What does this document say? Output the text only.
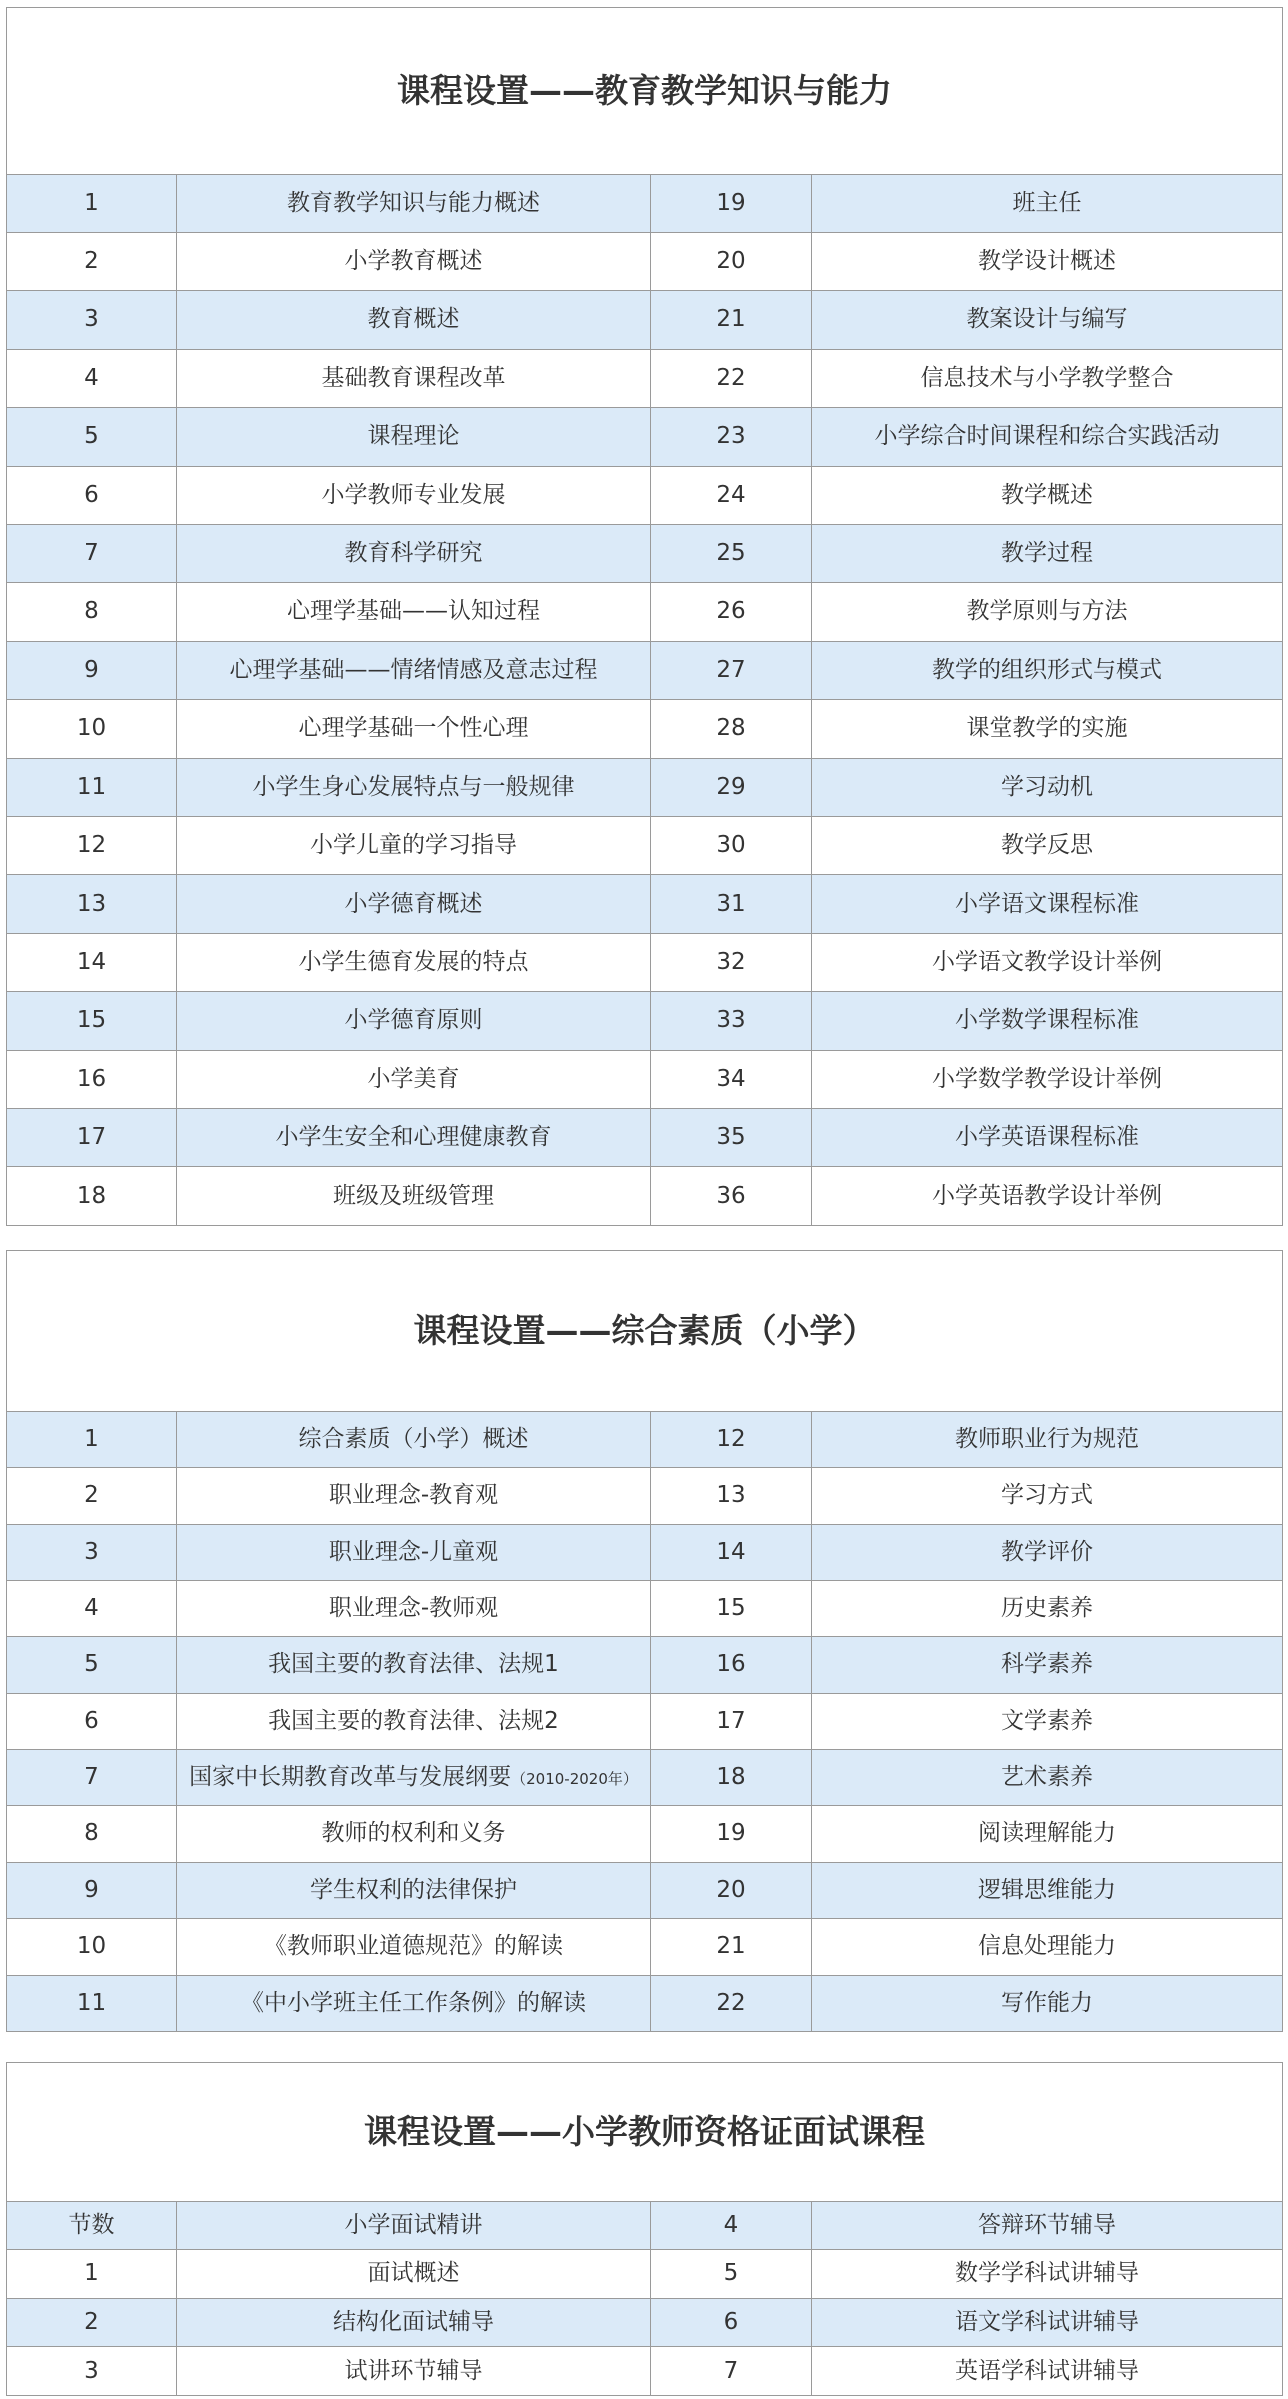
课程设置——教育教学知识与能力			
1	教育教学知识与能力概述	19	班主任
2	小学教育概述	20	教学设计概述
3	教育概述	21	教案设计与编写
4	基础教育课程改革	22	信息技术与小学教学整合
5	课程理论	23	小学综合时间课程和综合实践活动
6	小学教师专业发展	24	教学概述
7	教育科学研究	25	教学过程
8	心理学基础——认知过程	26	教学原则与方法
9	心理学基础——情绪情感及意志过程	27	教学的组织形式与模式
10	心理学基础一个性心理	28	课堂教学的实施
11	小学生身心发展特点与一般规律	29	学习动机
12	小学儿童的学习指导	30	教学反思
13	小学德育概述	31	小学语文课程标准
14	小学生德育发展的特点	32	小学语文教学设计举例
15	小学德育原则	33	小学数学课程标准
16	小学美育	34	小学数学教学设计举例
17	小学生安全和心理健康教育	35	小学英语课程标准
18	班级及班级管理	36	小学英语教学设计举例
课程设置——综合素质（小学）			
1	综合素质（小学）概述	12	教师职业行为规范
2	职业理念-教育观	13	学习方式
3	职业理念-儿童观	14	教学评价
4	职业理念-教师观	15	历史素养
5	我国主要的教育法律、法规1	16	科学素养
6	我国主要的教育法律、法规2	17	文学素养
7	国家中长期教育改革与发展纲要（2010-2020年）	18	艺术素养
8	教师的权利和义务	19	阅读理解能力
9	学生权利的法律保护	20	逻辑思维能力
10	《教师职业道德规范》的解读	21	信息处理能力
11	《中小学班主任工作条例》的解读	22	写作能力
课程设置——小学教师资格证面试课程			
节数	小学面试精讲	4	答辩环节辅导
1	面试概述	5	数学学科试讲辅导
2	结构化面试辅导	6	语文学科试讲辅导
3	试讲环节辅导	7	英语学科试讲辅导
